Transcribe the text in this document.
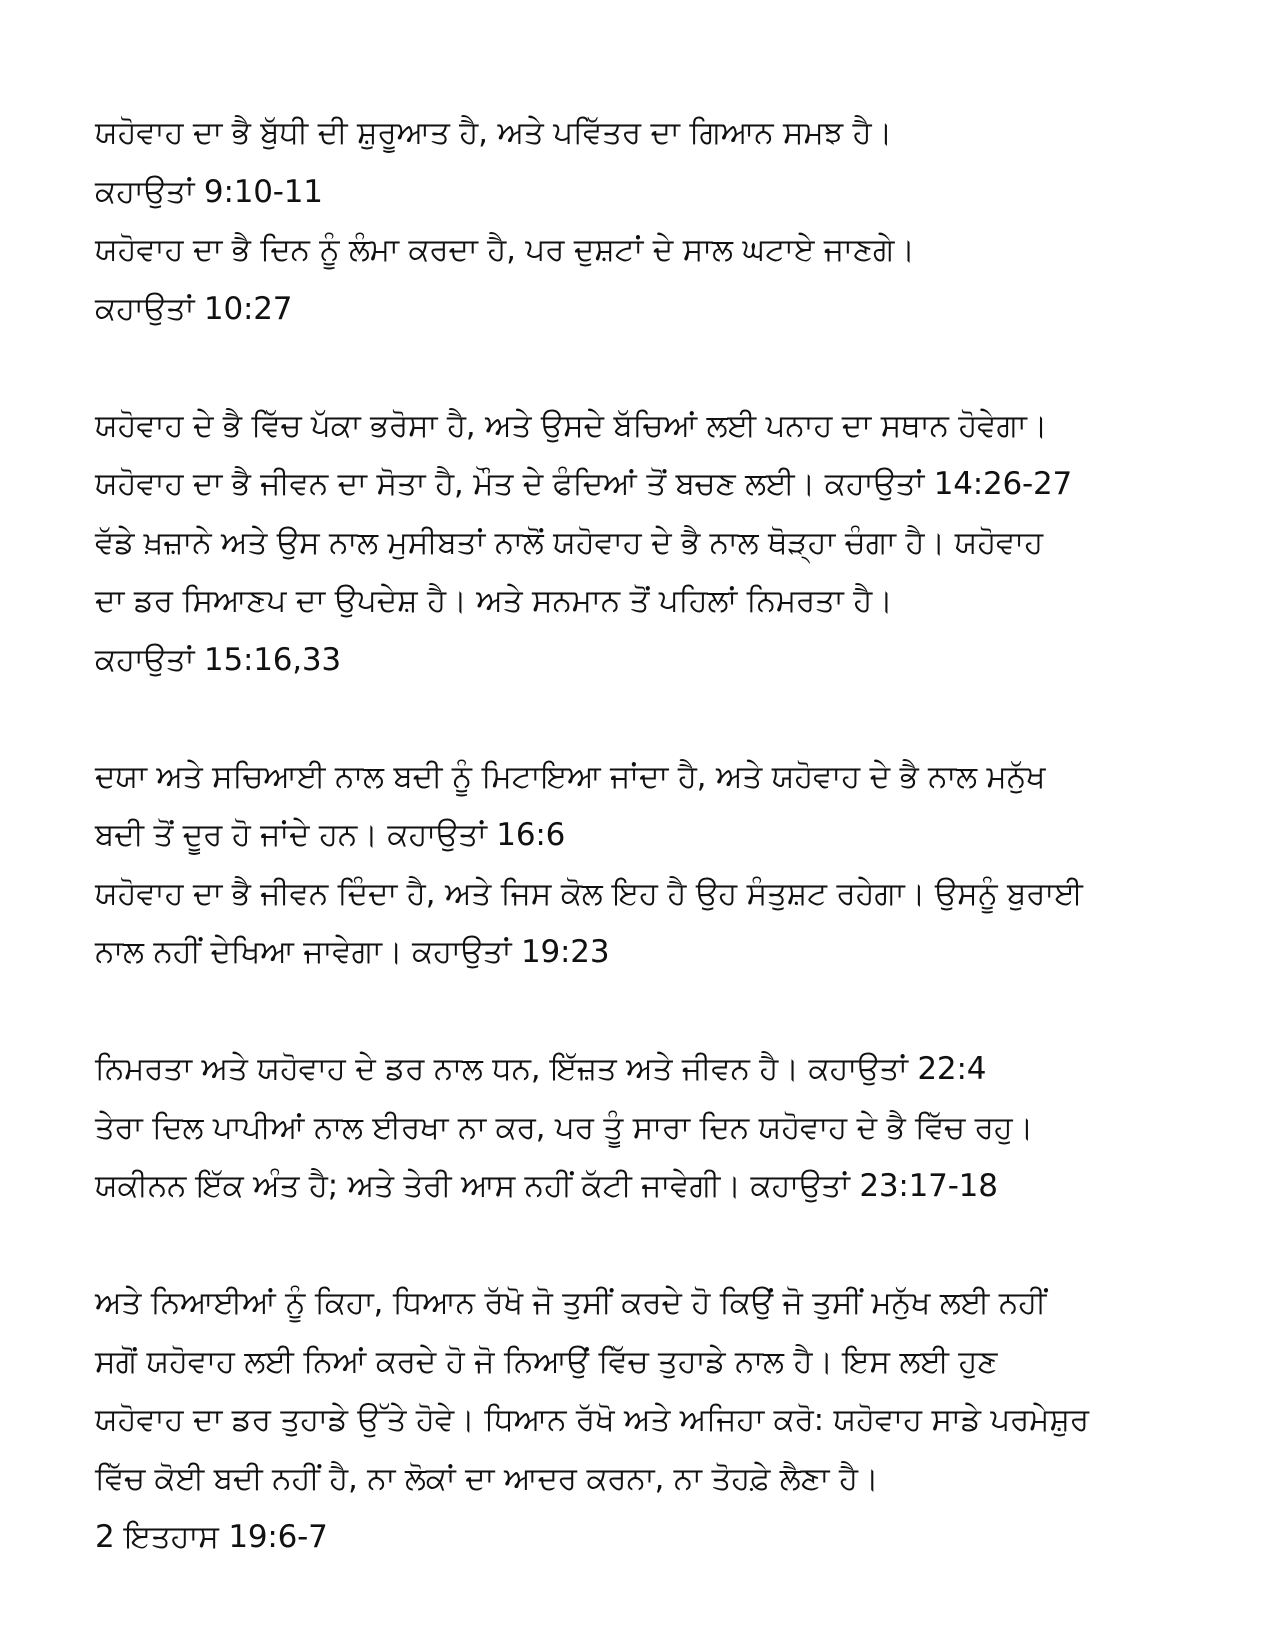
ਯਹੋਵਾਹ ਦਾ ਭੈ ਬੁੱਧੀ ਦੀ ਸ਼ੁਰੂਆਤ ਹੈ, ਅਤੇ ਪਵਿੱਤਰ ਦਾ ਗਿਆਨ ਸਮਝ ਹੈ।
ਕਹਾਉਤਾਂ 9:10-11
ਯਹੋਵਾਹ ਦਾ ਭੈ ਦਿਨ ਨੂੰ ਲੰਮਾ ਕਰਦਾ ਹੈ, ਪਰ ਦੁਸ਼ਟਾਂ ਦੇ ਸਾਲ ਘਟਾਏ ਜਾਣਗੇ।
ਕਹਾਉਤਾਂ 10:27
ਯਹੋਵਾਹ ਦੇ ਭੈ ਵਿੱਚ ਪੱਕਾ ਭਰੋਸਾ ਹੈ, ਅਤੇ ਉਸਦੇ ਬੱਚਿਆਂ ਲਈ ਪਨਾਹ ਦਾ ਸਥਾਨ ਹੋਵੇਗਾ।
ਯਹੋਵਾਹ ਦਾ ਭੈ ਜੀਵਨ ਦਾ ਸੋਤਾ ਹੈ, ਮੌਤ ਦੇ ਫੰਦਿਆਂ ਤੋਂ ਬਚਣ ਲਈ। ਕਹਾਉਤਾਂ 14:26-27
ਵੱਡੇ ਖ਼ਜ਼ਾਨੇ ਅਤੇ ਉਸ ਨਾਲ ਮੁਸੀਬਤਾਂ ਨਾਲੋਂ ਯਹੋਵਾਹ ਦੇ ਭੈ ਨਾਲ ਥੋੜ੍ਹਾ ਚੰਗਾ ਹੈ। ਯਹੋਵਾਹ
ਦਾ ਡਰ ਸਿਆਣਪ ਦਾ ਉਪਦੇਸ਼ ਹੈ। ਅਤੇ ਸਨਮਾਨ ਤੋਂ ਪਹਿਲਾਂ ਨਿਮਰਤਾ ਹੈ।
ਕਹਾਉਤਾਂ 15:16,33
ਦਯਾ ਅਤੇ ਸਚਿਆਈ ਨਾਲ ਬਦੀ ਨੂੰ ਮਿਟਾਇਆ ਜਾਂਦਾ ਹੈ, ਅਤੇ ਯਹੋਵਾਹ ਦੇ ਭੈ ਨਾਲ ਮਨੁੱਖ
ਬਦੀ ਤੋਂ ਦੂਰ ਹੋ ਜਾਂਦੇ ਹਨ। ਕਹਾਉਤਾਂ 16:6
ਯਹੋਵਾਹ ਦਾ ਭੈ ਜੀਵਨ ਦਿੰਦਾ ਹੈ, ਅਤੇ ਜਿਸ ਕੋਲ ਇਹ ਹੈ ਉਹ ਸੰਤੁਸ਼ਟ ਰਹੇਗਾ। ਉਸਨੂੰ ਬੁਰਾਈ
ਨਾਲ ਨਹੀਂ ਦੇਖਿਆ ਜਾਵੇਗਾ। ਕਹਾਉਤਾਂ 19:23
ਨਿਮਰਤਾ ਅਤੇ ਯਹੋਵਾਹ ਦੇ ਡਰ ਨਾਲ ਧਨ, ਇੱਜ਼ਤ ਅਤੇ ਜੀਵਨ ਹੈ। ਕਹਾਉਤਾਂ 22:4
ਤੇਰਾ ਦਿਲ ਪਾਪੀਆਂ ਨਾਲ ਈਰਖਾ ਨਾ ਕਰ, ਪਰ ਤੂੰ ਸਾਰਾ ਦਿਨ ਯਹੋਵਾਹ ਦੇ ਭੈ ਵਿੱਚ ਰਹੁ।
ਯਕੀਨਨ ਇੱਕ ਅੰਤ ਹੈ; ਅਤੇ ਤੇਰੀ ਆਸ ਨਹੀਂ ਕੱਟੀ ਜਾਵੇਗੀ। ਕਹਾਉਤਾਂ 23:17-18
ਅਤੇ ਨਿਆਈਆਂ ਨੂੰ ਕਿਹਾ, ਧਿਆਨ ਰੱਖੋ ਜੋ ਤੁਸੀਂ ਕਰਦੇ ਹੋ ਕਿਉਂ ਜੋ ਤੁਸੀਂ ਮਨੁੱਖ ਲਈ ਨਹੀਂ
ਸਗੋਂ ਯਹੋਵਾਹ ਲਈ ਨਿਆਂ ਕਰਦੇ ਹੋ ਜੋ ਨਿਆਉਂ ਵਿੱਚ ਤੁਹਾਡੇ ਨਾਲ ਹੈ। ਇਸ ਲਈ ਹੁਣ
ਯਹੋਵਾਹ ਦਾ ਡਰ ਤੁਹਾਡੇ ਉੱਤੇ ਹੋਵੇ। ਧਿਆਨ ਰੱਖੋ ਅਤੇ ਅਜਿਹਾ ਕਰੋ: ਯਹੋਵਾਹ ਸਾਡੇ ਪਰਮੇਸ਼ੁਰ
ਵਿੱਚ ਕੋਈ ਬਦੀ ਨਹੀਂ ਹੈ, ਨਾ ਲੋਕਾਂ ਦਾ ਆਦਰ ਕਰਨਾ, ਨਾ ਤੋਹਫ਼ੇ ਲੈਣਾ ਹੈ।
2 ਇਤਹਾਸ 19:6-7
